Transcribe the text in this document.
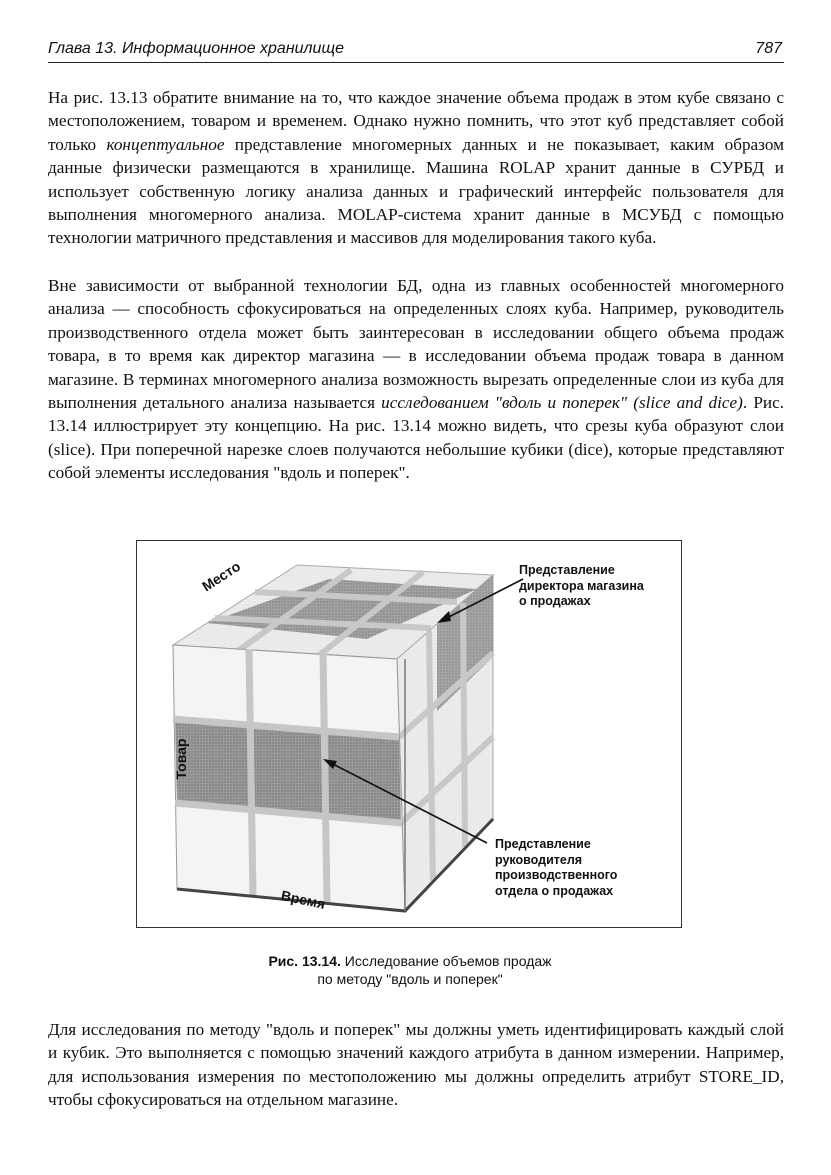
Глава 13. Информационное хранилище	787

На рис. 13.13 обратите внимание на то, что каждое значение объема продаж в этом кубе связано с местоположением, товаром и временем. Однако нужно помнить, что этот куб представляет собой только концептуальное представление многомерных данных и не показывает, каким образом данные физически размещаются в хранилище. Машина ROLAP хранит данные в СУРБД и использует собственную логику анализа данных и графический интерфейс пользователя для выполнения многомерного анализа. MOLAP-система хранит данные в МСУБД с помощью технологии матричного представления и массивов для моделирования такого куба.

Вне зависимости от выбранной технологии БД, одна из главных особенностей многомерного анализа — способность сфокусироваться на определенных слоях куба. Например, руководитель производственного отдела может быть заинтересован в исследовании общего объема продаж товара, в то время как директор магазина — в исследовании объема продаж товара в данном магазине. В терминах многомерного анализа возможность вырезать определенные слои из куба для выполнения детального анализа называется исследованием "вдоль и поперек" (slice and dice). Рис. 13.14 иллюстрирует эту концепцию. На рис. 13.14 можно видеть, что срезы куба образуют слои (slice). При поперечной нарезке слоев получаются небольшие кубики (dice), которые представляют собой элементы исследования "вдоль и поперек".

Место
Товар
Время
Представление
директора магазина
о продажах
Представление
руководителя
производственного
отдела о продажах
Рис. 13.14. Исследование объемов продаж
по методу "вдоль и поперек"

Для исследования по методу "вдоль и поперек" мы должны уметь идентифицировать каждый слой и кубик. Это выполняется с помощью значений каждого атрибута в данном измерении. Например, для использования измерения по местоположению мы должны определить атрибут STORE_ID, чтобы сфокусироваться на отдельном магазине.
